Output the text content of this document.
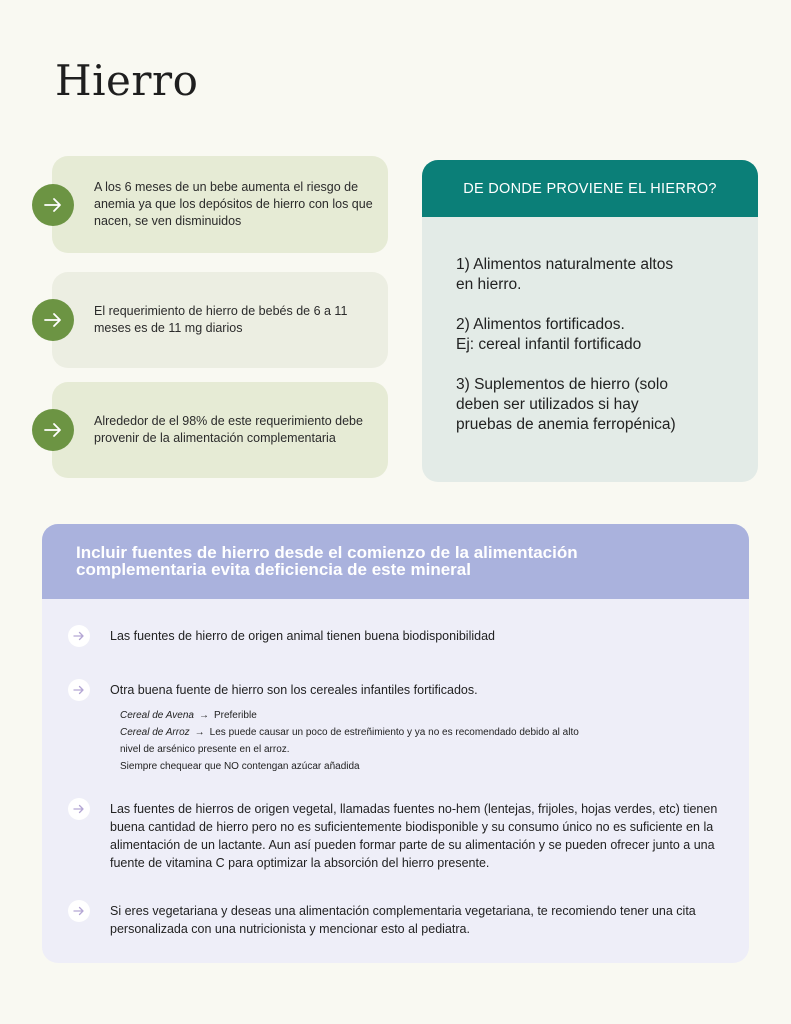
Hierro
A los 6 meses de un bebe aumenta el riesgo de anemia ya que los depósitos de hierro con los que nacen, se ven disminuidos
El requerimiento de hierro de bebés de 6 a 11 meses es de 11 mg diarios
Alrededor de el 98% de este requerimiento debe provenir de la alimentación complementaria
DE DONDE PROVIENE EL HIERRO?

1) Alimentos naturalmente altos
en hierro.

2) Alimentos fortificados.
Ej: cereal infantil fortificado

3) Suplementos de hierro (solo
deben ser utilizados si hay
pruebas de anemia ferropénica)

Incluir fuentes de hierro desde el comienzo de la alimentación
complementaria evita deficiencia de este mineral
Las fuentes de hierro de origen animal tienen buena biodisponibilidad
Otra buena fuente de hierro son los cereales infantiles fortificados.
Cereal de Avena → Preferible
Cereal de Arroz → Les puede causar un poco de estreñimiento y ya no es recomendado debido al alto
nivel de arsénico presente en el arroz.
Siempre chequear que NO contengan azúcar añadida
Las fuentes de hierros de origen vegetal, llamadas fuentes no-hem (lentejas, frijoles, hojas verdes, etc) tienen buena cantidad de hierro pero no es suficientemente biodisponible y su consumo único no es suficiente en la alimentación de un lactante. Aun así pueden formar parte de su alimentación y se pueden ofrecer junto a una fuente de vitamina C para optimizar la absorción del hierro presente.
Si eres vegetariana y deseas una alimentación complementaria vegetariana, te recomiendo tener una cita personalizada con una nutricionista y mencionar esto al pediatra.
